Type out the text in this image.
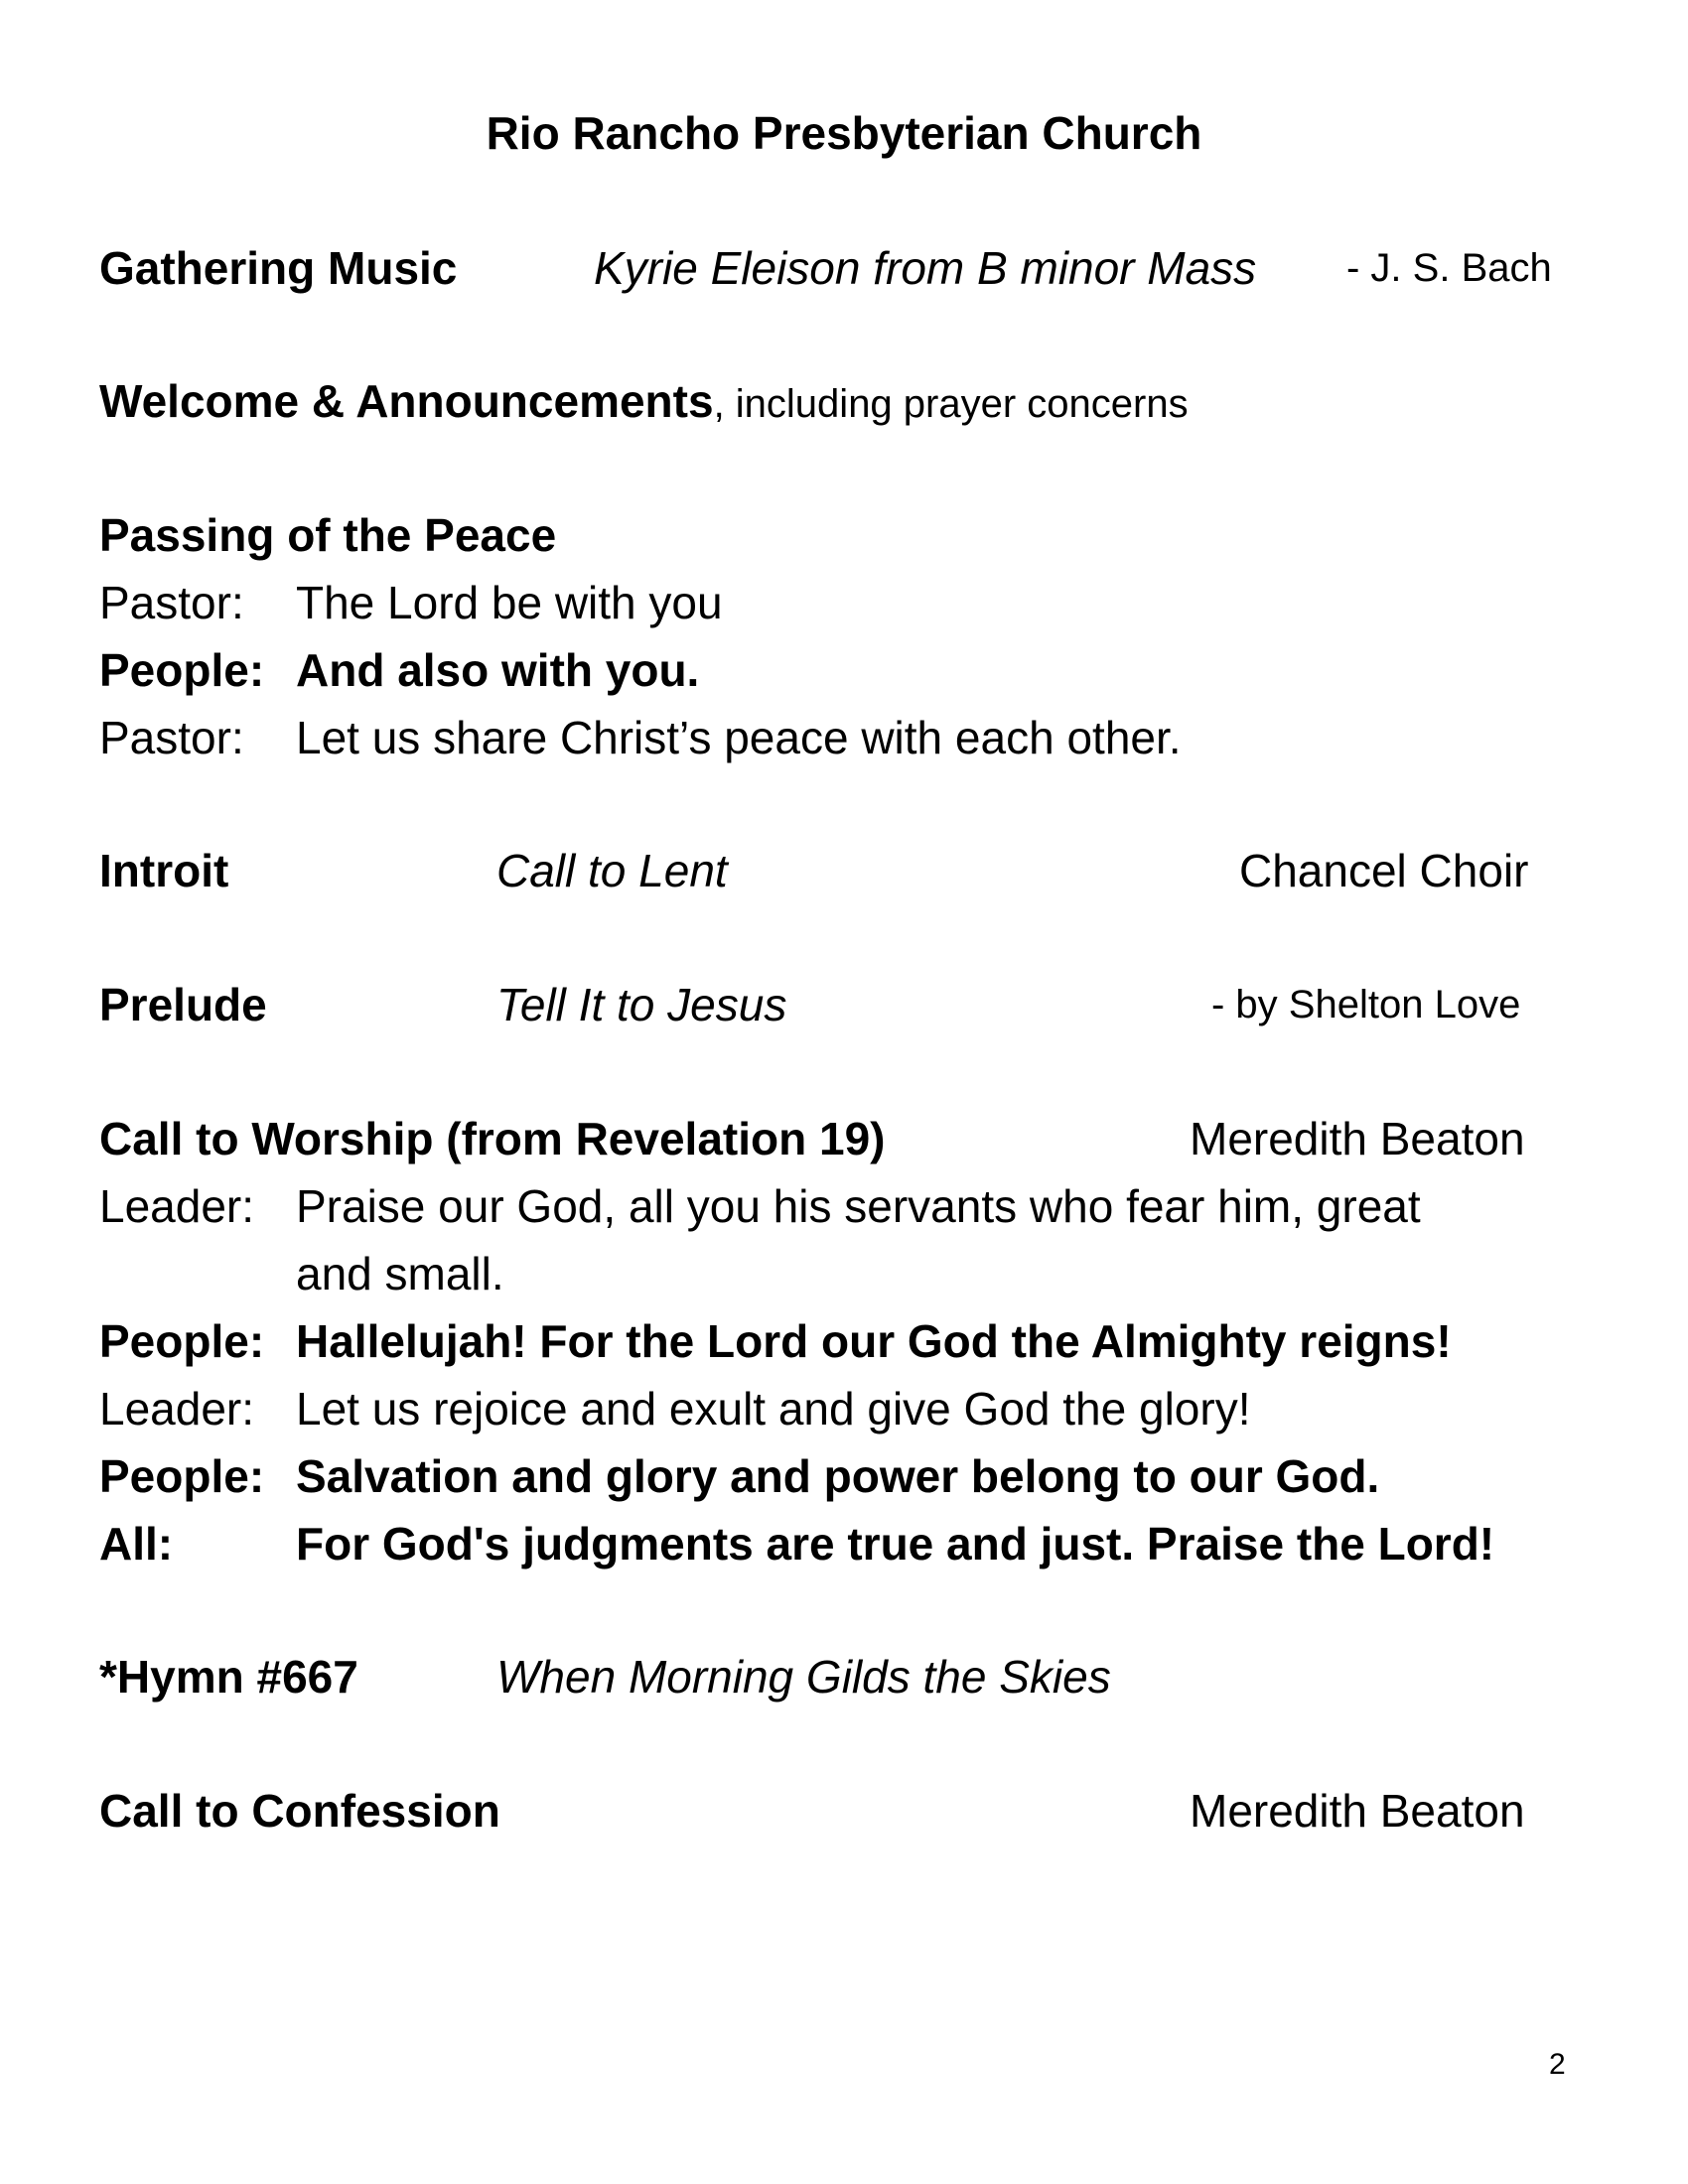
Rio Rancho Presbyterian Church
Gathering Music	Kyrie Eleison from B minor Mass - J. S. Bach
Welcome & Announcements, including prayer concerns
Passing of the Peace
Pastor: The Lord be with you
People: And also with you.
Pastor: Let us share Christ’s peace with each other.
Introit	Call to Lent	Chancel Choir
Prelude	Tell It to Jesus	- by Shelton Love
Call to Worship (from Revelation 19)	Meredith Beaton
Leader: Praise our God, all you his servants who fear him, great
and small.
People: Hallelujah! For the Lord our God the Almighty reigns!
Leader: Let us rejoice and exult and give God the glory!
People: Salvation and glory and power belong to our God.
All:	For God's judgments are true and just. Praise the Lord!
*Hymn #667	When Morning Gilds the Skies
Call to Confession	Meredith Beaton
2
